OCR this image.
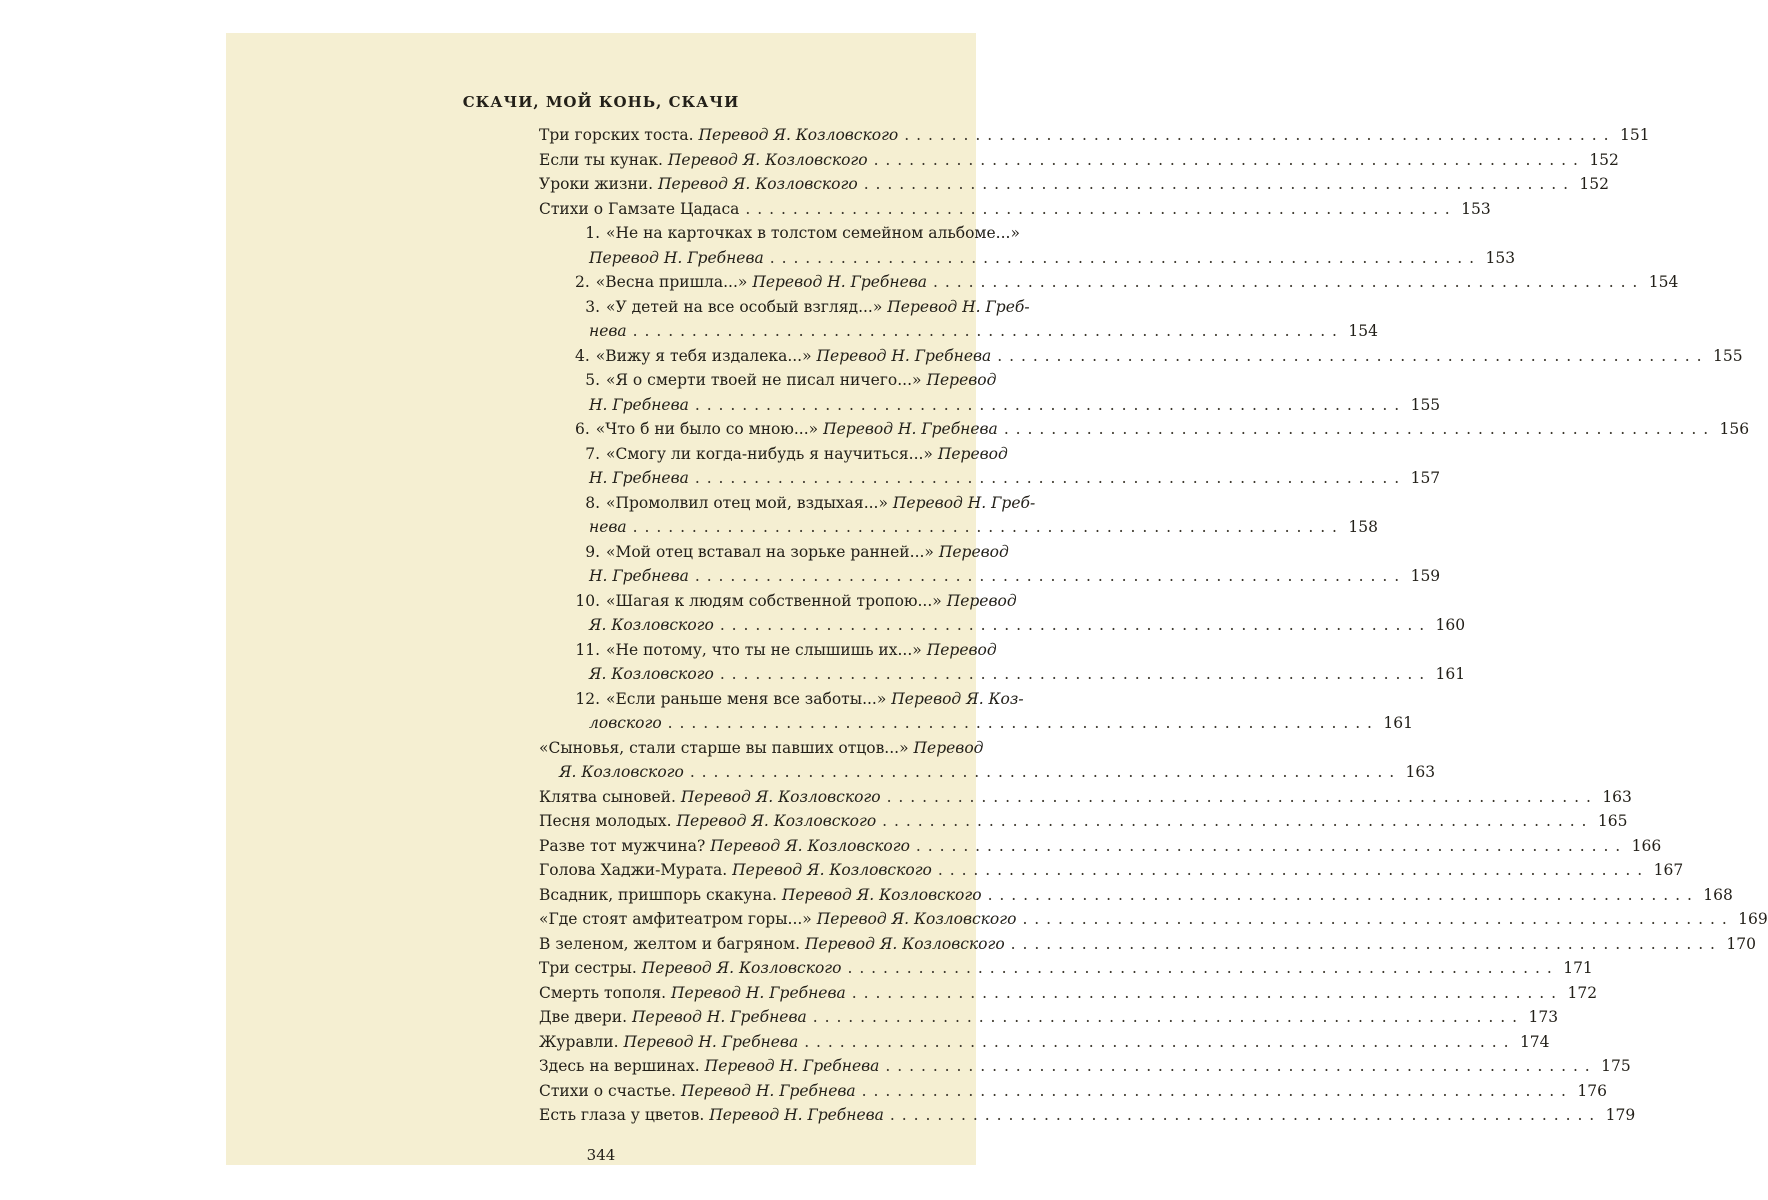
СКАЧИ, МОЙ КОНЬ, СКАЧИ
Три горских тоста.
Перевод Я. Козловского . . . . . . . . . . . . . . . . . . . . . . . . . . . . . . . . . . . . . . . . . . . . . . . . . . . . . . . . . . . . 151
Если ты кунак.
Перевод Я. Козловского . . . . . . . . . . . . . . . . . . . . . . . . . . . . . . . . . . . . . . . . . . . . . . . . . . . . . . . . . . . . 152
Уроки жизни.
Перевод Я. Козловского . . . . . . . . . . . . . . . . . . . . . . . . . . . . . . . . . . . . . . . . . . . . . . . . . . . . . . . . . . . . 152
Стихи о Гамзате Цадаса . . . . . . . . . . . . . . . . . . . . . . . . . . . . . . . . . . . . . . . . . . . . . . . . . . . . . . . . . . . . 153
1. «Не на карточках в толстом семейном альбоме...»
Перевод Н. Гребнева . . . . . . . . . . . . . . . . . . . . . . . . . . . . . . . . . . . . . . . . . . . . . . . . . . . . . . . . . . . . 153
2. «Весна пришла...»
Перевод Н. Гребнева . . . . . . . . . . . . . . . . . . . . . . . . . . . . . . . . . . . . . . . . . . . . . . . . . . . . . . . . . . . . 154
3. «У детей на все особый взгляд...»
Перевод Н. Греб-
нева . . . . . . . . . . . . . . . . . . . . . . . . . . . . . . . . . . . . . . . . . . . . . . . . . . . . . . . . . . . . 154
4. «Вижу я тебя издалека...»
Перевод Н. Гребнева . . . . . . . . . . . . . . . . . . . . . . . . . . . . . . . . . . . . . . . . . . . . . . . . . . . . . . . . . . . . 155
5. «Я о смерти твоей не писал ничего...»
Перевод
Н. Гребнева . . . . . . . . . . . . . . . . . . . . . . . . . . . . . . . . . . . . . . . . . . . . . . . . . . . . . . . . . . . . 155
6. «Что б ни было со мною...»
Перевод Н. Гребнева . . . . . . . . . . . . . . . . . . . . . . . . . . . . . . . . . . . . . . . . . . . . . . . . . . . . . . . . . . . . 156
7. «Смогу ли когда-нибудь я научиться...»
Перевод
Н. Гребнева . . . . . . . . . . . . . . . . . . . . . . . . . . . . . . . . . . . . . . . . . . . . . . . . . . . . . . . . . . . . 157
8. «Промолвил отец мой, вздыхая...»
Перевод Н. Греб-
нева . . . . . . . . . . . . . . . . . . . . . . . . . . . . . . . . . . . . . . . . . . . . . . . . . . . . . . . . . . . . 158
9. «Мой отец вставал на зорьке ранней...»
Перевод
Н. Гребнева . . . . . . . . . . . . . . . . . . . . . . . . . . . . . . . . . . . . . . . . . . . . . . . . . . . . . . . . . . . . 159
10. «Шагая к людям собственной тропою...»
Перевод
Я. Козловского . . . . . . . . . . . . . . . . . . . . . . . . . . . . . . . . . . . . . . . . . . . . . . . . . . . . . . . . . . . . 160
11. «Не потому, что ты не слышишь их...»
Перевод
Я. Козловского . . . . . . . . . . . . . . . . . . . . . . . . . . . . . . . . . . . . . . . . . . . . . . . . . . . . . . . . . . . . 161
12. «Если раньше меня все заботы...»
Перевод Я. Коз-
ловского . . . . . . . . . . . . . . . . . . . . . . . . . . . . . . . . . . . . . . . . . . . . . . . . . . . . . . . . . . . . 161
«Сыновья, стали старше вы павших отцов...»
Перевод
Я. Козловского . . . . . . . . . . . . . . . . . . . . . . . . . . . . . . . . . . . . . . . . . . . . . . . . . . . . . . . . . . . . 163
Клятва сыновей.
Перевод Я. Козловского . . . . . . . . . . . . . . . . . . . . . . . . . . . . . . . . . . . . . . . . . . . . . . . . . . . . . . . . . . . . 163
Песня молодых.
Перевод Я. Козловского . . . . . . . . . . . . . . . . . . . . . . . . . . . . . . . . . . . . . . . . . . . . . . . . . . . . . . . . . . . . 165
Разве тот мужчина?
Перевод Я. Козловского . . . . . . . . . . . . . . . . . . . . . . . . . . . . . . . . . . . . . . . . . . . . . . . . . . . . . . . . . . . . 166
Голова Хаджи-Мурата.
Перевод Я. Козловского . . . . . . . . . . . . . . . . . . . . . . . . . . . . . . . . . . . . . . . . . . . . . . . . . . . . . . . . . . . . 167
Всадник, пришпорь скакуна.
Перевод Я. Козловского . . . . . . . . . . . . . . . . . . . . . . . . . . . . . . . . . . . . . . . . . . . . . . . . . . . . . . . . . . . . 168
«Где стоят амфитеатром горы...»
Перевод Я. Козловского . . . . . . . . . . . . . . . . . . . . . . . . . . . . . . . . . . . . . . . . . . . . . . . . . . . . . . . . . . . . 169
В зеленом, желтом и багряном.
Перевод Я. Козловского . . . . . . . . . . . . . . . . . . . . . . . . . . . . . . . . . . . . . . . . . . . . . . . . . . . . . . . . . . . . 170
Три сестры.
Перевод Я. Козловского . . . . . . . . . . . . . . . . . . . . . . . . . . . . . . . . . . . . . . . . . . . . . . . . . . . . . . . . . . . . 171
Смерть тополя.
Перевод Н. Гребнева . . . . . . . . . . . . . . . . . . . . . . . . . . . . . . . . . . . . . . . . . . . . . . . . . . . . . . . . . . . . 172
Две двери.
Перевод Н. Гребнева . . . . . . . . . . . . . . . . . . . . . . . . . . . . . . . . . . . . . . . . . . . . . . . . . . . . . . . . . . . . 173
Журавли.
Перевод Н. Гребнева . . . . . . . . . . . . . . . . . . . . . . . . . . . . . . . . . . . . . . . . . . . . . . . . . . . . . . . . . . . . 174
Здесь на вершинах.
Перевод Н. Гребнева . . . . . . . . . . . . . . . . . . . . . . . . . . . . . . . . . . . . . . . . . . . . . . . . . . . . . . . . . . . . 175
Стихи о счастье.
Перевод Н. Гребнева . . . . . . . . . . . . . . . . . . . . . . . . . . . . . . . . . . . . . . . . . . . . . . . . . . . . . . . . . . . . 176
Есть глаза у цветов.
Перевод Н. Гребнева . . . . . . . . . . . . . . . . . . . . . . . . . . . . . . . . . . . . . . . . . . . . . . . . . . . . . . . . . . . . 179
344
